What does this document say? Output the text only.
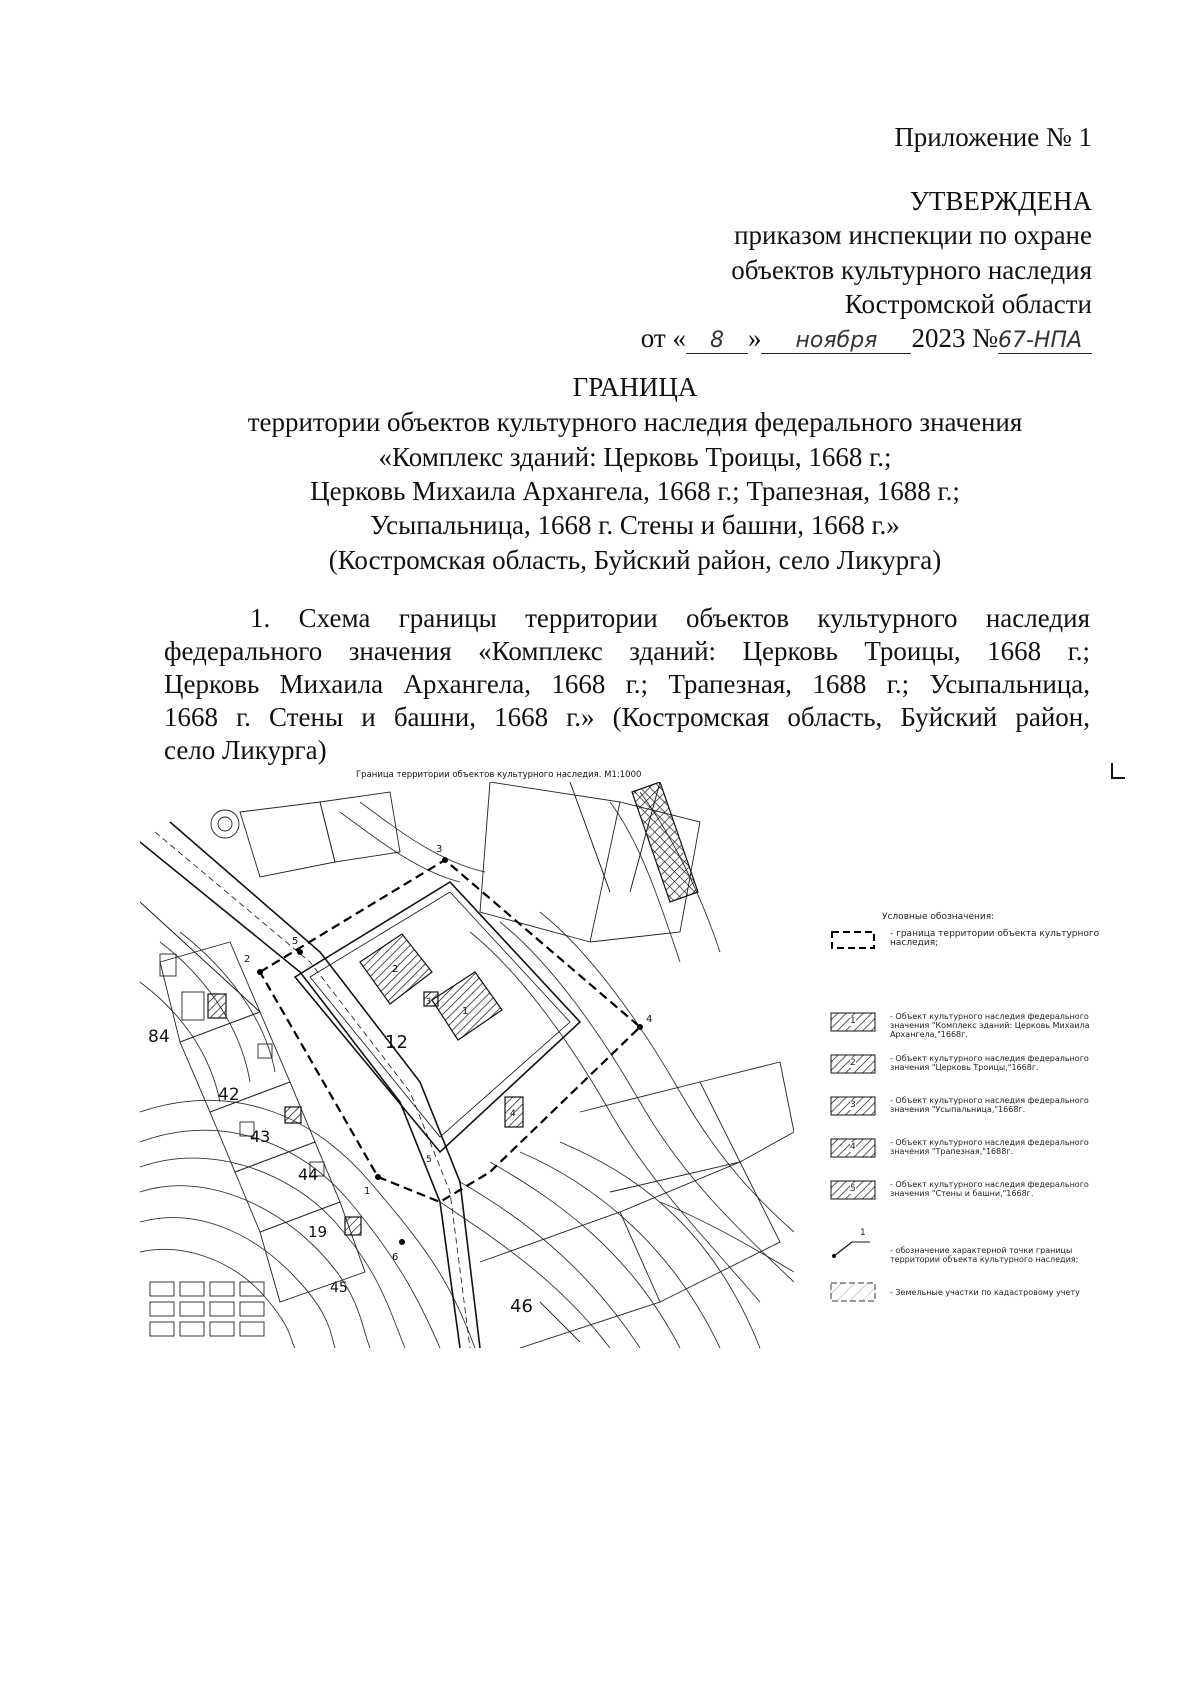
Приложение № 1
УТВЕРЖДЕНА
приказом инспекции по охране
объектов культурного наследия
Костромской области
от « 8 » ноября 2023 №67-НПА
ГРАНИЦА
территории объектов культурного наследия федерального значения
«Комплекс зданий: Церковь Троицы, 1668 г.;
Церковь Михаила Архангела, 1668 г.; Трапезная, 1688 г.;
Усыпальница, 1668 г. Стены и башни, 1668 г.»
(Костромская область, Буйский район, село Ликурга)
1. Схема границы территории объектов культурного наследия
федерального значения «Комплекс зданий: Церковь Троицы, 1668 г.;
Церковь Михаила Архангела, 1668 г.; Трапезная, 1688 г.; Усыпальница,
1668 г. Стены и башни, 1668 г.» (Костромская область, Буйский район,
село Ликурга)
Граница территории объектов культурного наследия. М1:1000
84
42
43
44
19
45
46
12
1
2
3
4
5
6
1
2
3
4
5
Условные обозначения:
- граница территории объекта культурного наследия;
1	- Объект культурного наследия федерального значения "Комплекс зданий: Церковь Михаила Архангела,"1668г.
2	- Объект культурного наследия федерального значения "Церковь Троицы,"1668г.
3	- Объект культурного наследия федерального значения "Усыпальница,"1668г.
4	- Объект культурного наследия федерального значения "Трапезная,"1688г.
5	- Объект культурного наследия федерального значения "Стены и башни,"1668г.
1
- обозначение характерной точки границы территории объекта культурного наследия;
- Земельные участки по кадастровому учету
